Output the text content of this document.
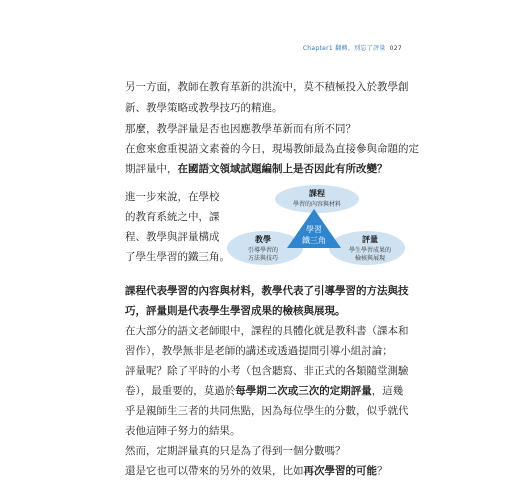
Chapter1 翻轉，別忘了評量 027
另一方面，教師在教育革新的洪流中，莫不積極投入於教學創
新、教學策略或教學技巧的精進。
那麼，教學評量是否也因應教學革新而有所不同？
在愈來愈重視語文素養的今日，現場教師最為直接參與命題的定
期評量中，在國語文領域試題編制上是否因此有所改變？
進一步來說，在學校
的教育系統之中，課
程、教學與評量構成
了學生學習的鐵三角。
學習
鐵三角
課程
學習的內容與材料
教學
引導學習的
方法與技巧
評量
學生學習成果的
檢核與展現
課程代表學習的內容與材料，教學代表了引導學習的方法與技
巧，評量則是代表學生學習成果的檢核與展現。
在大部分的語文老師眼中，課程的具體化就是教科書（課本和
習作），教學無非是老師的講述或透過提問引導小組討論；
評量呢？除了平時的小考（包含聽寫、非正式的各類隨堂測驗
卷），最重要的，莫過於每學期二次或三次的定期評量，這幾
乎是親師生三者的共同焦點，因為每位學生的分數，似乎就代
表他這陣子努力的結果。
然而，定期評量真的只是為了得到一個分數嗎？
還是它也可以帶來的另外的效果，比如再次學習的可能？
